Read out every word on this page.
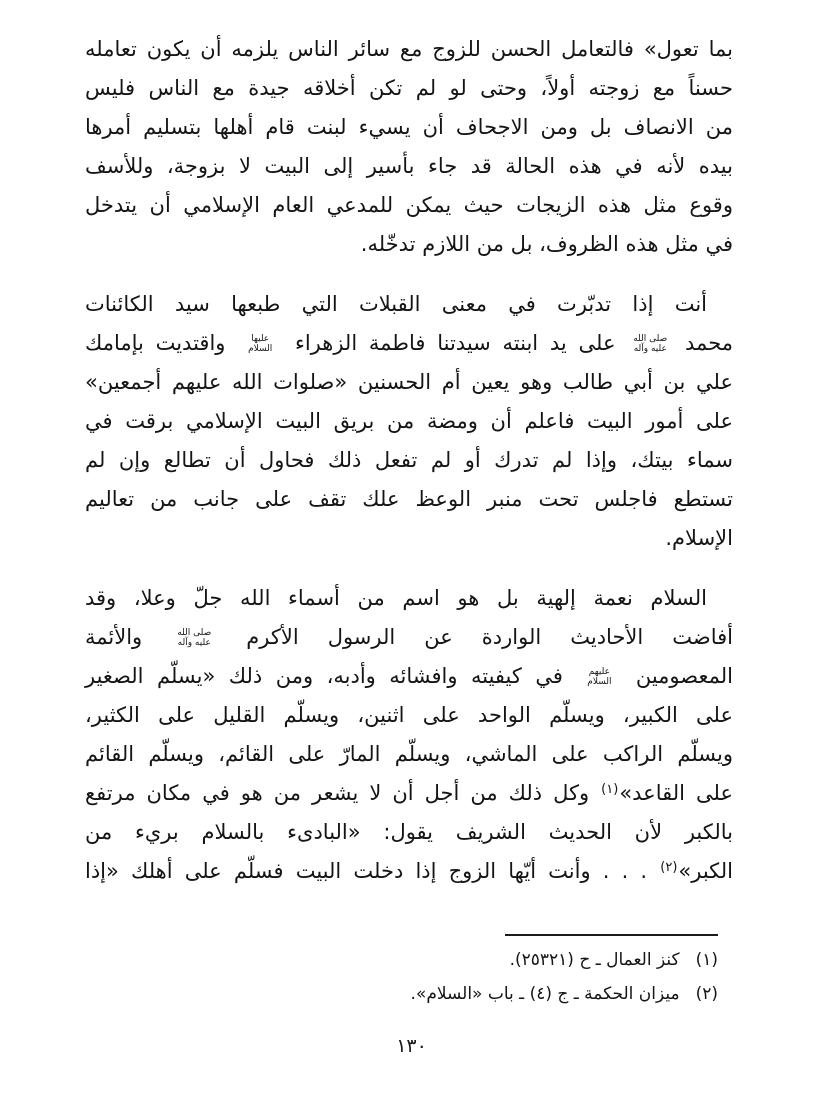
بما تعول» فالتعامل الحسن للزوج مع سائر الناس يلزمه أن يكون تعامله
حسناً مع زوجته أولاً، وحتى لو لم تكن أخلاقه جيدة مع الناس فليس
من الانصاف بل ومن الاجحاف أن يسيء لبنت قام أهلها بتسليم أمرها
بيده لأنه في هذه الحالة قد جاء بأسير إلى البيت لا بزوجة، وللأسف
وقوع مثل هذه الزيجات حيث يمكن للمدعي العام الإسلامي أن يتدخل
في مثل هذه الظروف، بل من اللازم تدخّله.
أنت إذا تدبّرت في معنى القبلات التي طبعها سيد الكائنات
محمد
صلى الله
عليه وآله
على يد ابنته سيدتنا فاطمة الزهراء
عليها
السلام
واقتديت بإمامك
علي بن أبي طالب وهو يعين أم الحسنين «صلوات الله عليهم أجمعين»
على أمور البيت فاعلم أن ومضة من بريق البيت الإسلامي برقت في
سماء بيتك، وإذا لم تدرك أو لم تفعل ذلك فحاول أن تطالع وإن لم
تستطع فاجلس تحت منبر الوعظ علك تقف على جانب من تعاليم
الإسلام.
السلام نعمة إلهية بل هو اسم من أسماء الله جلّ وعلا، وقد
أفاضت الأحاديث الواردة عن الرسول الأكرم
صلى الله
عليه وآله
والأئمة
المعصومين
عليهم
السلام
في كيفيته وافشائه وأدبه، ومن ذلك «يسلّم الصغير
على الكبير، ويسلّم الواحد على اثنين، ويسلّم القليل على الكثير،
ويسلّم الراكب على الماشي، ويسلّم المارّ على القائم، ويسلّم القائم
على القاعد»$^{(١)}$ وكل ذلك من أجل أن لا يشعر من هو في مكان مرتفع
بالكبر لأن الحديث الشريف يقول: «البادىء بالسلام بريء من
الكبر»$^{(٢)}$ . . . وأنت أيّها الزوج إذا دخلت البيت فسلّم على أهلك «إذا
(١)كنز العمال ـ ح (٢٥٣٢١).
(٢)ميزان الحكمة ـ ج (٤) ـ باب «السلام».
١٣٠
